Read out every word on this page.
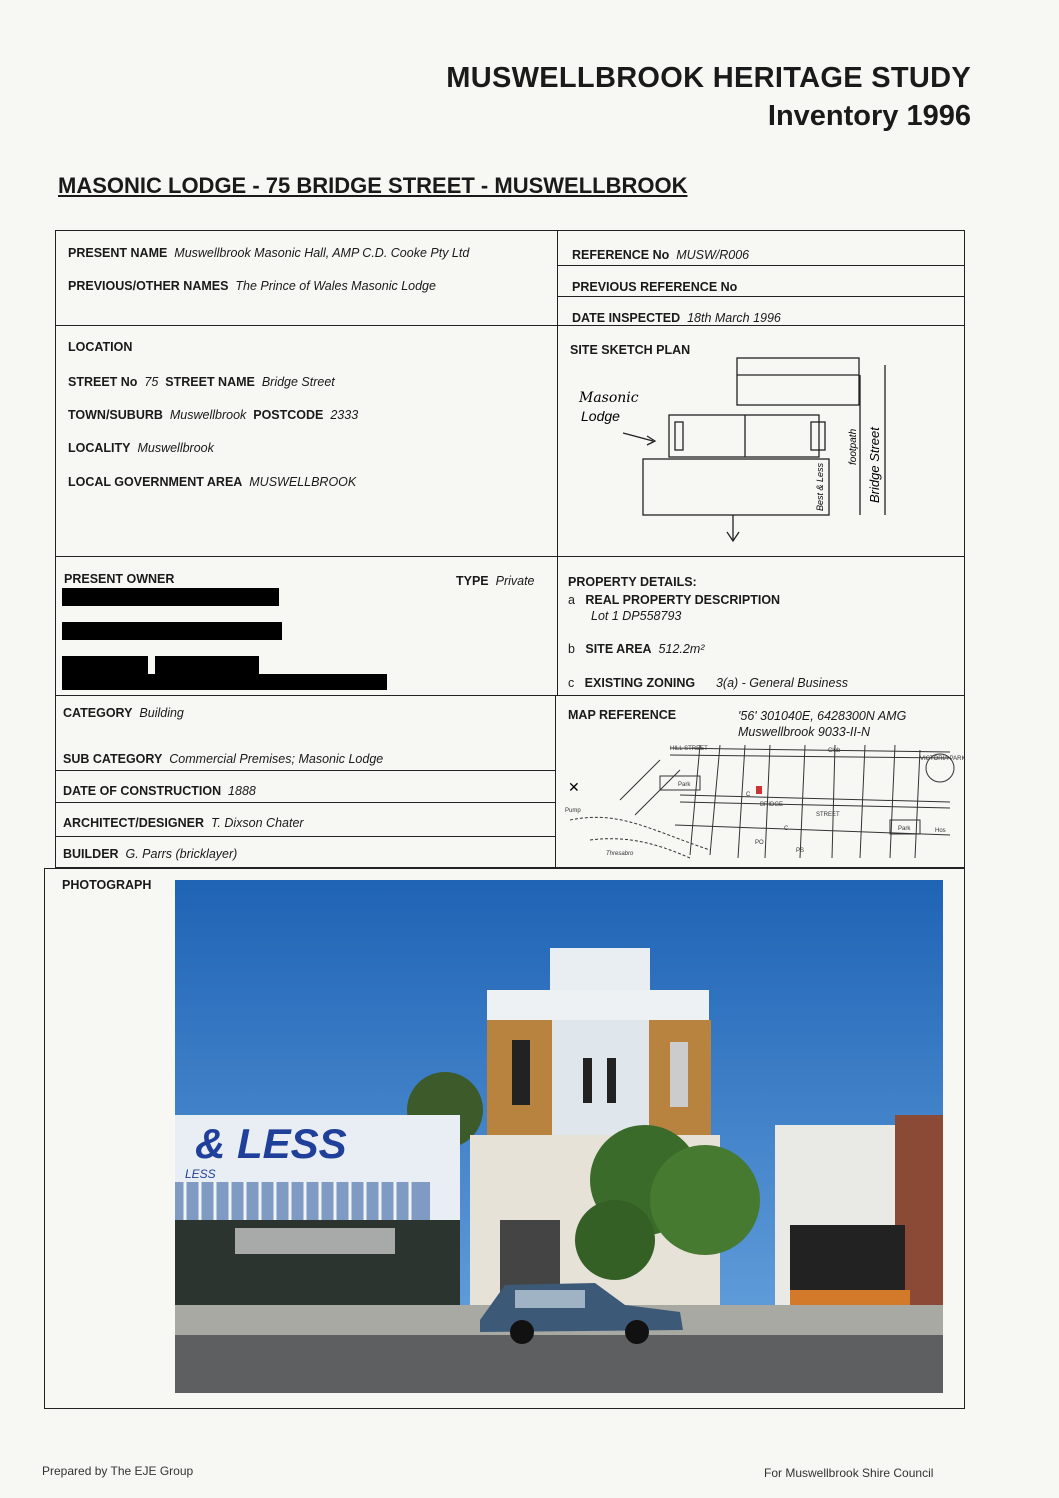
MUSWELLBROOK HERITAGE STUDY
Inventory 1996
MASONIC LODGE - 75 BRIDGE STREET - MUSWELLBROOK
PRESENT NAME Muswellbrook Masonic Hall, AMP C.D. Cooke Pty Ltd
PREVIOUS/OTHER NAMES The Prince of Wales Masonic Lodge
REFERENCE No MUSW/R006
PREVIOUS REFERENCE No
DATE INSPECTED 18th March 1996
LOCATION
STREET No 75 STREET NAME Bridge Street
TOWN/SUBURB Muswellbrook POSTCODE 2333
LOCALITY Muswellbrook
LOCAL GOVERNMENT AREA MUSWELLBROOK
SITE SKETCH PLAN
Masonic
Lodge
Bridge Street
footpath
Best & Less
PRESENT OWNER	TYPE Private	PROPERTY DETAILS:
a REAL PROPERTY DESCRIPTION
Lot 1 DP558793
b SITE AREA 512.2m²
c EXISTING ZONING 3(a) - General Business
CATEGORY Building
SUB CATEGORY Commercial Premises; Masonic Lodge
DATE OF CONSTRUCTION 1888
ARCHITECT/DESIGNER T. Dixson Chater
BUILDER G. Parrs (bricklayer)
MAP REFERENCE	'56' 301040E, 6428300N AMG
Muswellbrook 9033-II-N
✕
HILL STREET	Club
VICTORIA PARK
Park
BRIDGE
STREET
Park	Hos
Pump
Thresabro
PO
PS
C
C
PHOTOGRAPH
& LESS
LESS
Prepared by The EJE Group	For Muswellbrook Shire Council
